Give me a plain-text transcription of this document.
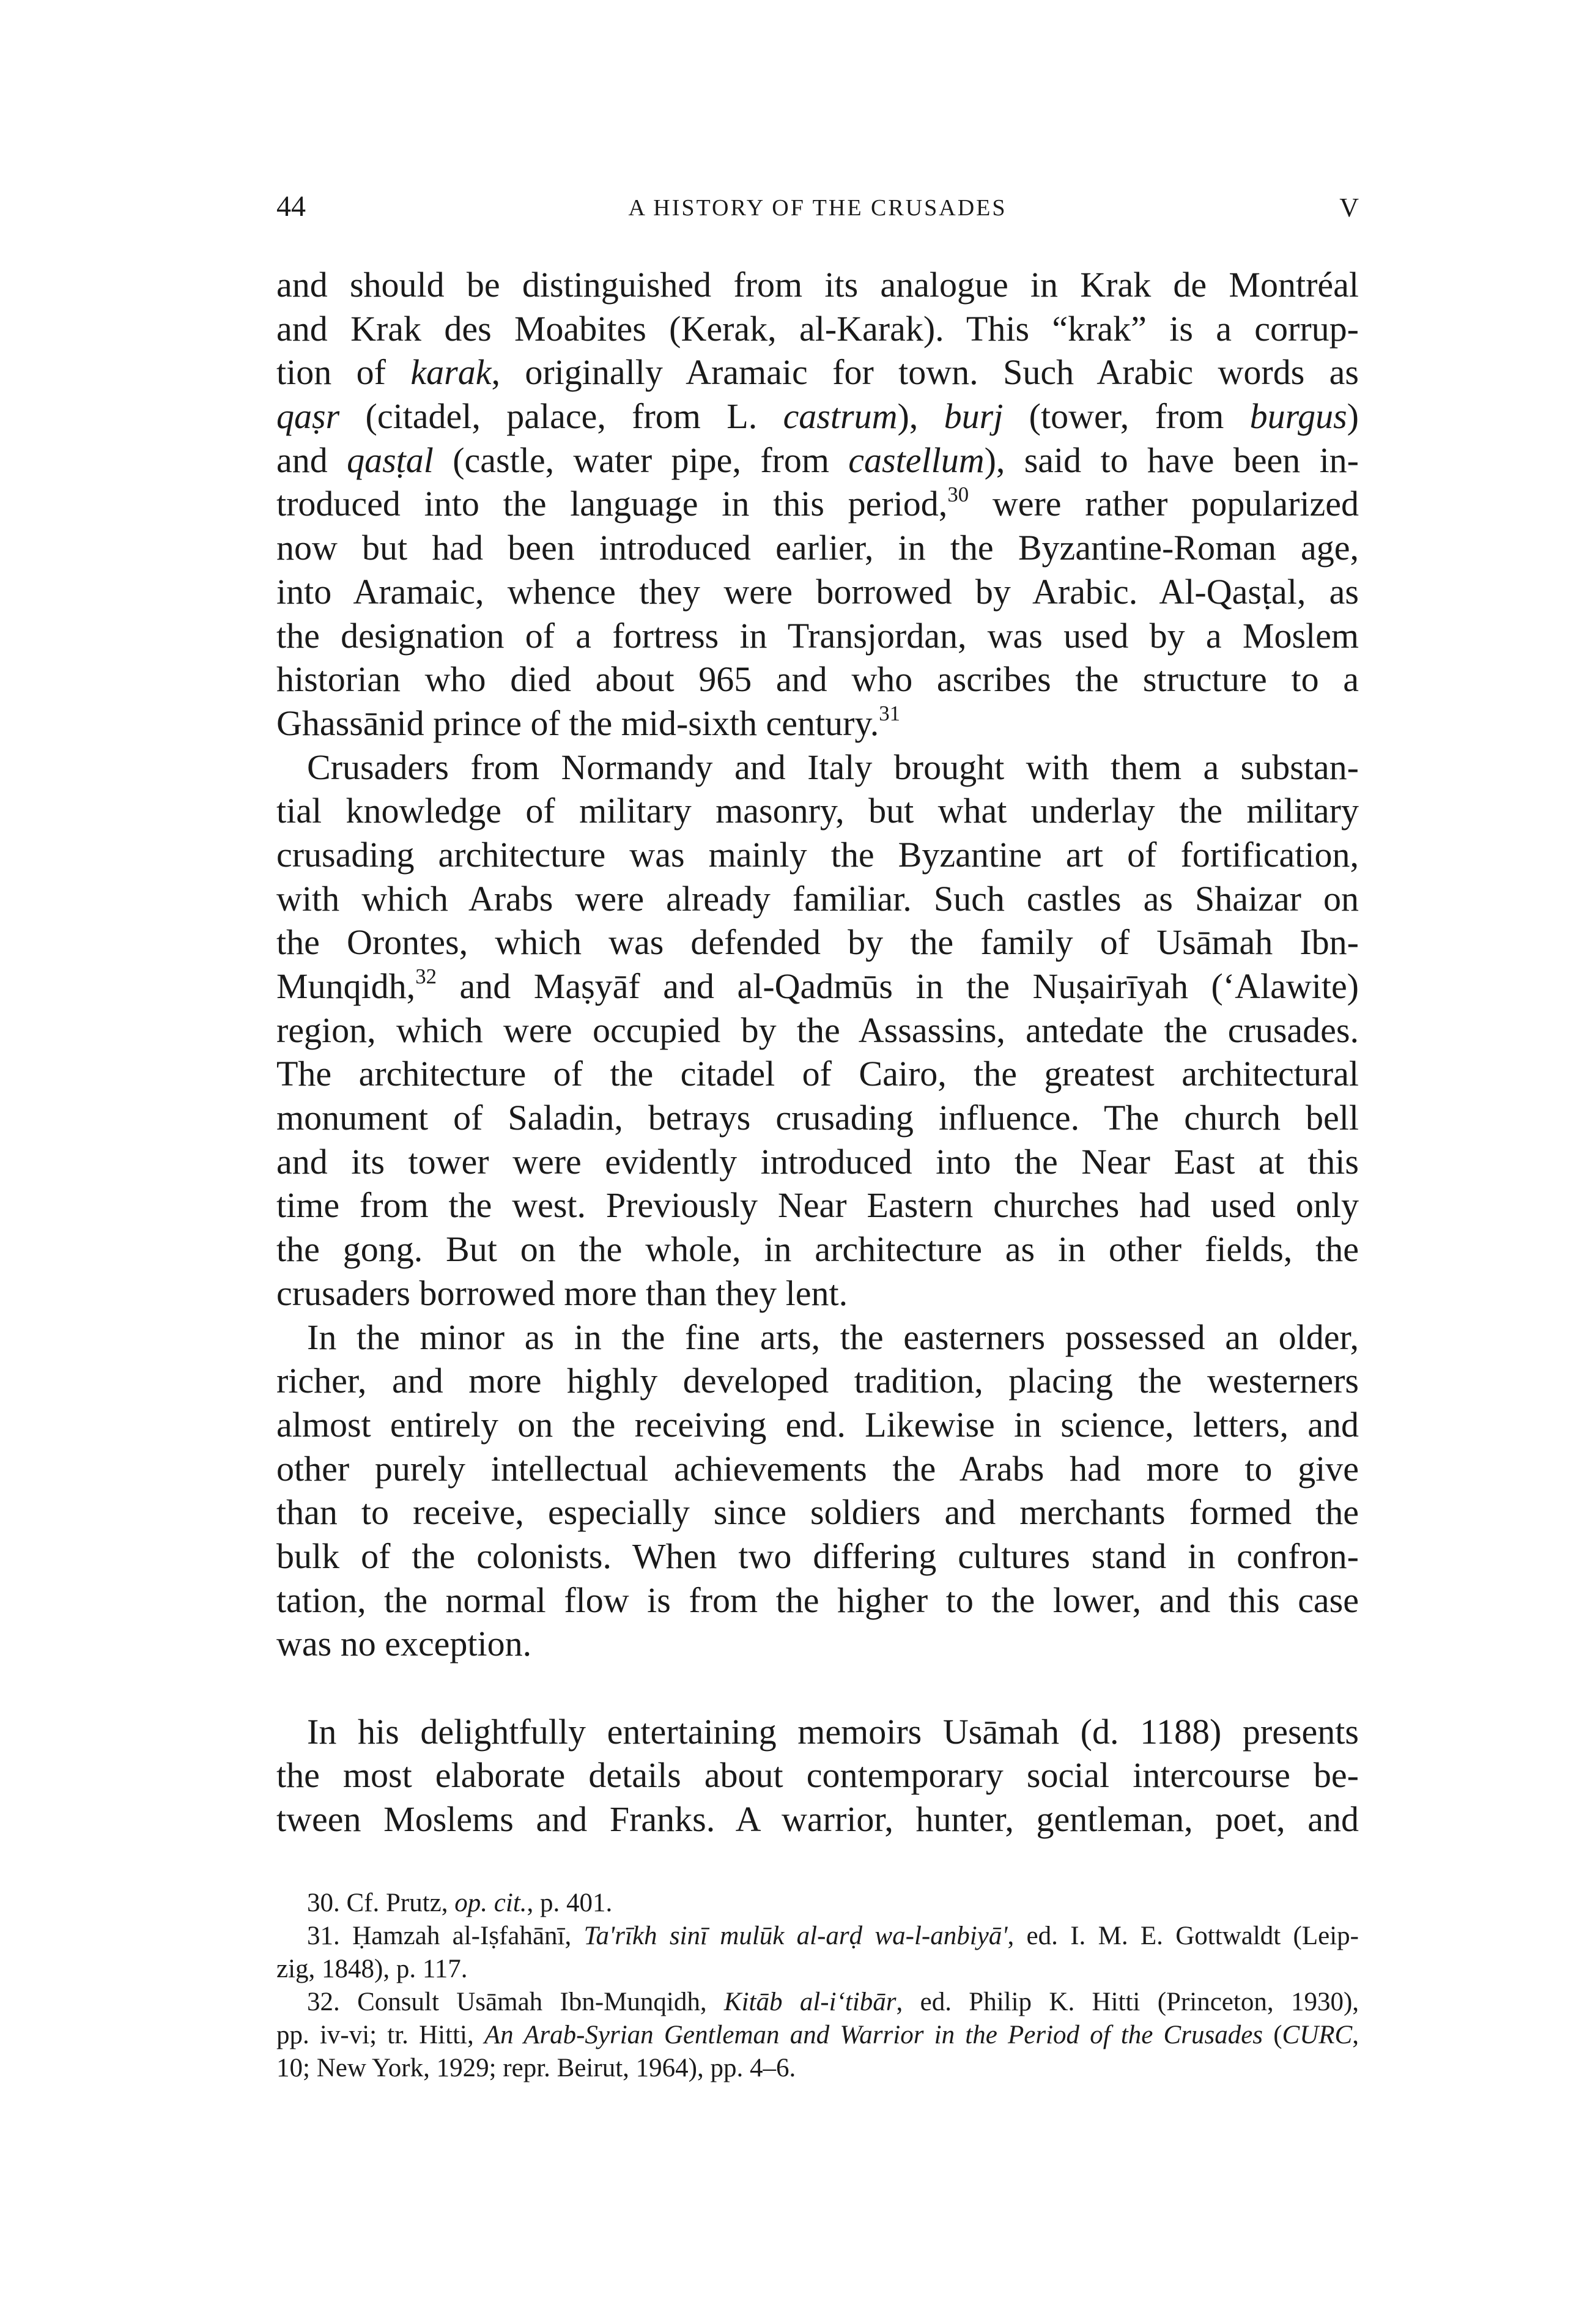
44	A HISTORY OF THE CRUSADES	V
and should be distinguished from its analogue in Krak de Montréal
and Krak des Moabites (Kerak, al-Karak). This “krak” is a corrup-
tion of karak, originally Aramaic for town. Such Arabic words as
qaṣr (citadel, palace, from L. castrum), burj (tower, from burgus)
and qasṭal (castle, water pipe, from castellum), said to have been in-
troduced into the language in this period,$^{30}$ were rather popularized
now but had been introduced earlier, in the Byzantine-Roman age,
into Aramaic, whence they were borrowed by Arabic. Al-Qasṭal, as
the designation of a fortress in Transjordan, was used by a Moslem
historian who died about 965 and who ascribes the structure to a
Ghassānid prince of the mid-sixth century.$^{31}$
Crusaders from Normandy and Italy brought with them a substan-
tial knowledge of military masonry, but what underlay the military
crusading architecture was mainly the Byzantine art of fortification,
with which Arabs were already familiar. Such castles as Shaizar on
the Orontes, which was defended by the family of Usāmah Ibn-
Munqidh,$^{32}$ and Maṣyāf and al-Qadmūs in the Nuṣairīyah (‘Alawite)
region, which were occupied by the Assassins, antedate the crusades.
The architecture of the citadel of Cairo, the greatest architectural
monument of Saladin, betrays crusading influence. The church bell
and its tower were evidently introduced into the Near East at this
time from the west. Previously Near Eastern churches had used only
the gong. But on the whole, in architecture as in other fields, the
crusaders borrowed more than they lent.
In the minor as in the fine arts, the easterners possessed an older,
richer, and more highly developed tradition, placing the westerners
almost entirely on the receiving end. Likewise in science, letters, and
other purely intellectual achievements the Arabs had more to give
than to receive, especially since soldiers and merchants formed the
bulk of the colonists. When two differing cultures stand in confron-
tation, the normal flow is from the higher to the lower, and this case
was no exception.
In his delightfully entertaining memoirs Usāmah (d. 1188) presents
the most elaborate details about contemporary social intercourse be-
tween Moslems and Franks. A warrior, hunter, gentleman, poet, and
30. Cf. Prutz, op. cit., p. 401.
31. Ḥamzah al-Iṣfahānī, Ta'rīkh sinī mulūk al-arḍ wa-l-anbiyā', ed. I. M. E. Gottwaldt (Leip-
zig, 1848), p. 117.
32. Consult Usāmah Ibn-Munqidh, Kitāb al-i‘tibār, ed. Philip K. Hitti (Princeton, 1930),
pp. iv-vi; tr. Hitti, An Arab-Syrian Gentleman and Warrior in the Period of the Crusades (CURC,
10; New York, 1929; repr. Beirut, 1964), pp. 4–6.
